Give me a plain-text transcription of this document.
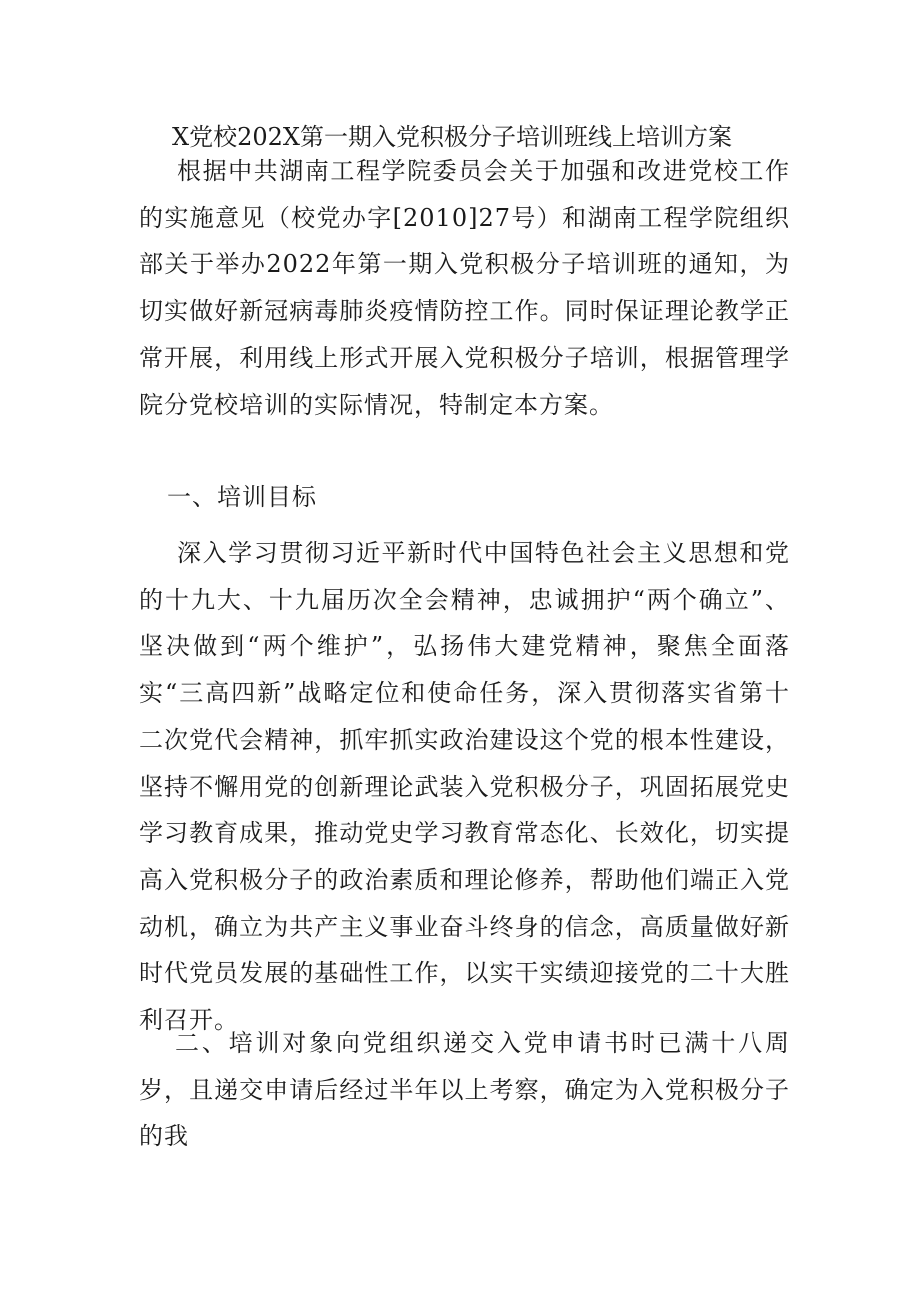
X党校202X第一期入党积极分子培训班线上培训方案

根据中共湖南工程学院委员会关于加强和改进党校工作的实施意见（校党办字[2010]27号）和湖南工程学院组织部关于举办2022年第一期入党积极分子培训班的通知，为切实做好新冠病毒肺炎疫情防控工作。同时保证理论教学正常开展，利用线上形式开展入党积极分子培训，根据管理学院分党校培训的实际情况，特制定本方案。

一、培训目标

深入学习贯彻习近平新时代中国特色社会主义思想和党的十九大、十九届历次全会精神，忠诚拥护“两个确立”、坚决做到“两个维护”，弘扬伟大建党精神，聚焦全面落实“三高四新”战略定位和使命任务，深入贯彻落实省第十二次党代会精神，抓牢抓实政治建设这个党的根本性建设，坚持不懈用党的创新理论武装入党积极分子，巩固拓展党史学习教育成果，推动党史学习教育常态化、长效化，切实提高入党积极分子的政治素质和理论修养，帮助他们端正入党动机，确立为共产主义事业奋斗终身的信念，高质量做好新时代党员发展的基础性工作，以实干实绩迎接党的二十大胜利召开。

二、培训对象向党组织递交入党申请书时已满十八周岁，且递交申请后经过半年以上考察，确定为入党积极分子的我
